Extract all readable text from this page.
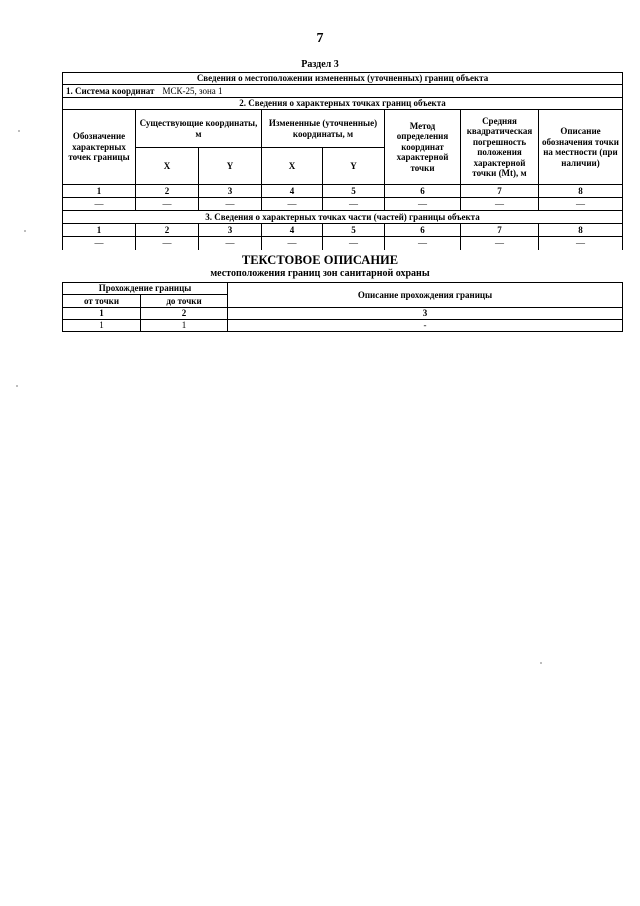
7
Раздел 3
Сведения о местоположении измененных (уточненных) границ объекта							
1. Система координат МСК-25, зона 1							
2. Сведения о характерных точках границ объекта							
Обозначение характерных точек границы	Существующие координаты, м		Измененные (уточненные) координаты, м		Метод определения координат характерной точки	Средняя квадратическая погрешность положения характерной точки (Mt), м	Описание обозначения точки на местности (при наличии)
	X	Y	X	Y			
1	2	3	4	5	6	7	8
—	—	—	—	—	—	—	—
3. Сведения о характерных точках части (частей) границы объекта							
1	2	3	4	5	6	7	8
—	—	—	—	—	—	—	—
ТЕКСТОВОЕ ОПИСАНИЕ
местоположения границ зон санитарной охраны
Прохождение границы		Описание прохождения границы
от точки	до точки	
1	2	3
1	1	-
